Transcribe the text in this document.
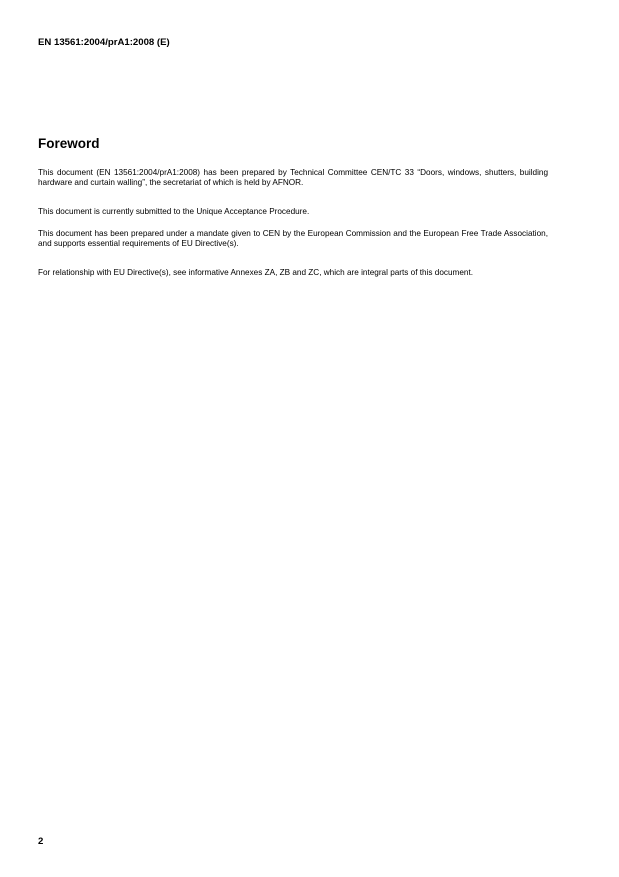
EN 13561:2004/prA1:2008 (E)
Foreword
This document (EN 13561:2004/prA1:2008) has been prepared by Technical Committee CEN/TC 33 “Doors, windows, shutters, building hardware and curtain walling”, the secretariat of which is held by AFNOR.
This document is currently submitted to the Unique Acceptance Procedure.
This document has been prepared under a mandate given to CEN by the European Commission and the European Free Trade Association, and supports essential requirements of EU Directive(s).
For relationship with EU Directive(s), see informative Annexes ZA, ZB and ZC, which are integral parts of this document.
2
